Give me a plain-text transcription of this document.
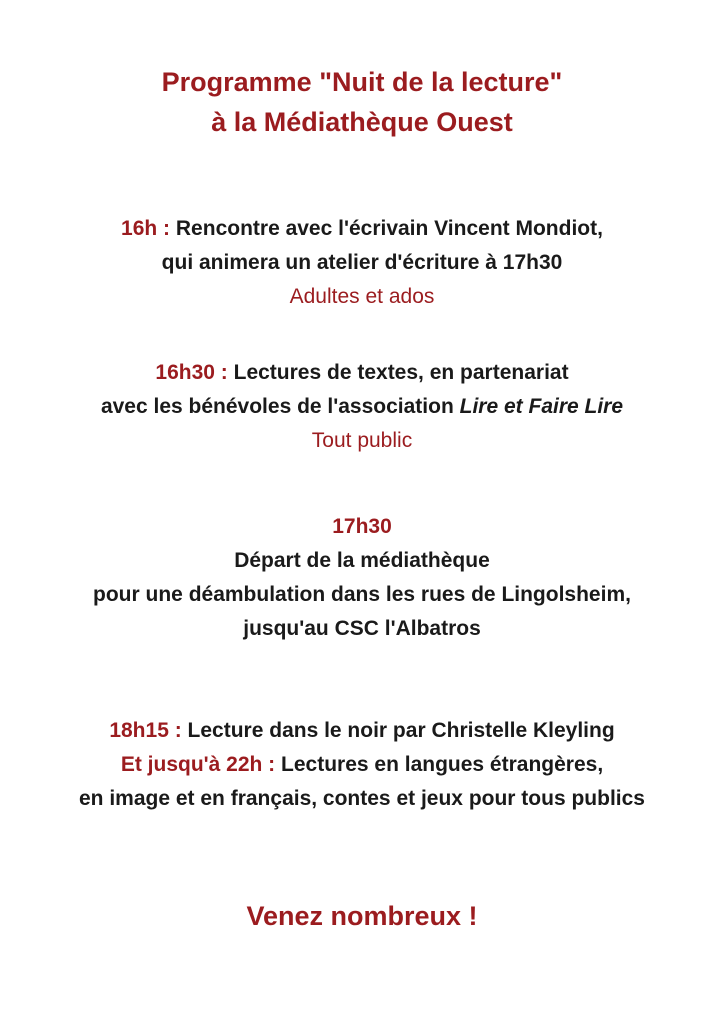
Programme "Nuit de la lecture"
à la Médiathèque Ouest
16h : Rencontre avec l'écrivain Vincent Mondiot,
qui animera un atelier d'écriture à 17h30
Adultes et ados
16h30 : Lectures de textes, en partenariat
avec les bénévoles de l'association Lire et Faire Lire
Tout public
17h30
Départ de la médiathèque
pour une déambulation dans les rues de Lingolsheim,
jusqu'au CSC l'Albatros
18h15 : Lecture dans le noir par Christelle Kleyling
Et jusqu'à 22h : Lectures en langues étrangères,
en image et en français, contes et jeux pour tous publics
Venez nombreux !
